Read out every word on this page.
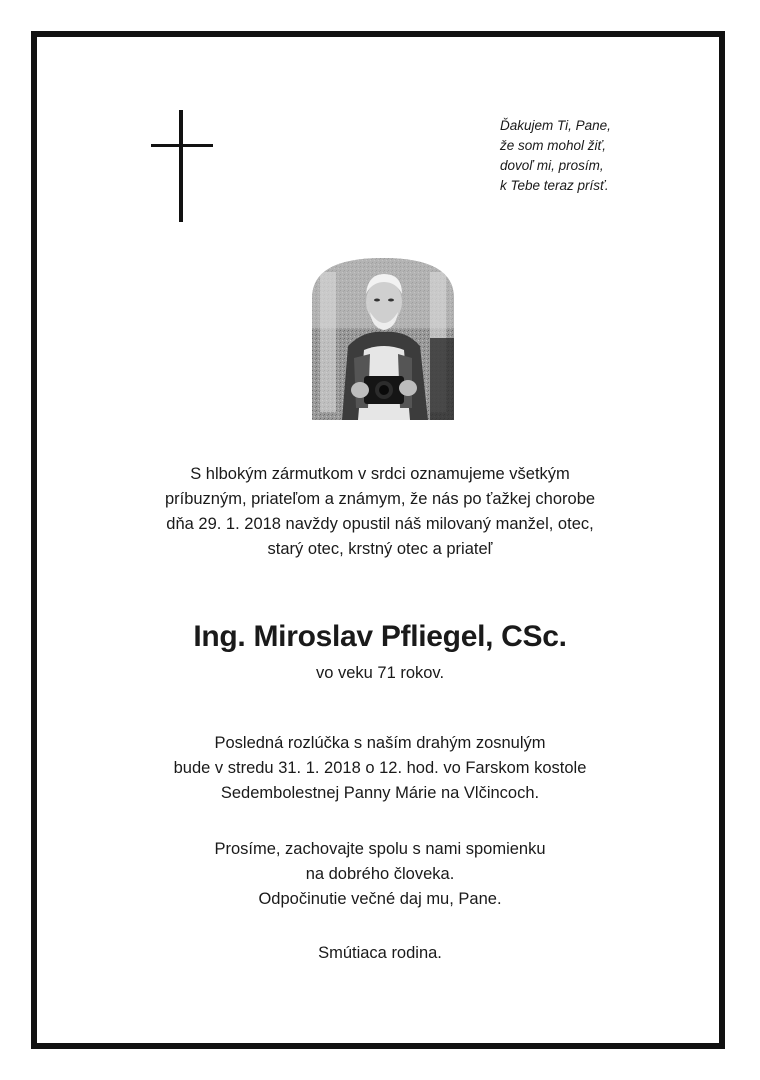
Ďakujem Ti, Pane,
že som mohol žiť,
dovoľ mi, prosím,
k Tebe teraz prísť.
S hlbokým zármutkom v srdci oznamujeme všetkým
príbuzným, priateľom a známym, že nás po ťažkej chorobe
dňa 29. 1. 2018 navždy opustil náš milovaný manžel, otec,
starý otec, krstný otec a priateľ
Ing. Miroslav Pfliegel, CSc.
vo veku 71 rokov.
Posledná rozlúčka s naším drahým zosnulým
bude v stredu 31. 1. 2018 o 12. hod. vo Farskom kostole
Sedembolestnej Panny Márie na Vlčincoch.
Prosíme, zachovajte spolu s nami spomienku
na dobrého človeka.
Odpočinutie večné daj mu, Pane.
Smútiaca rodina.
